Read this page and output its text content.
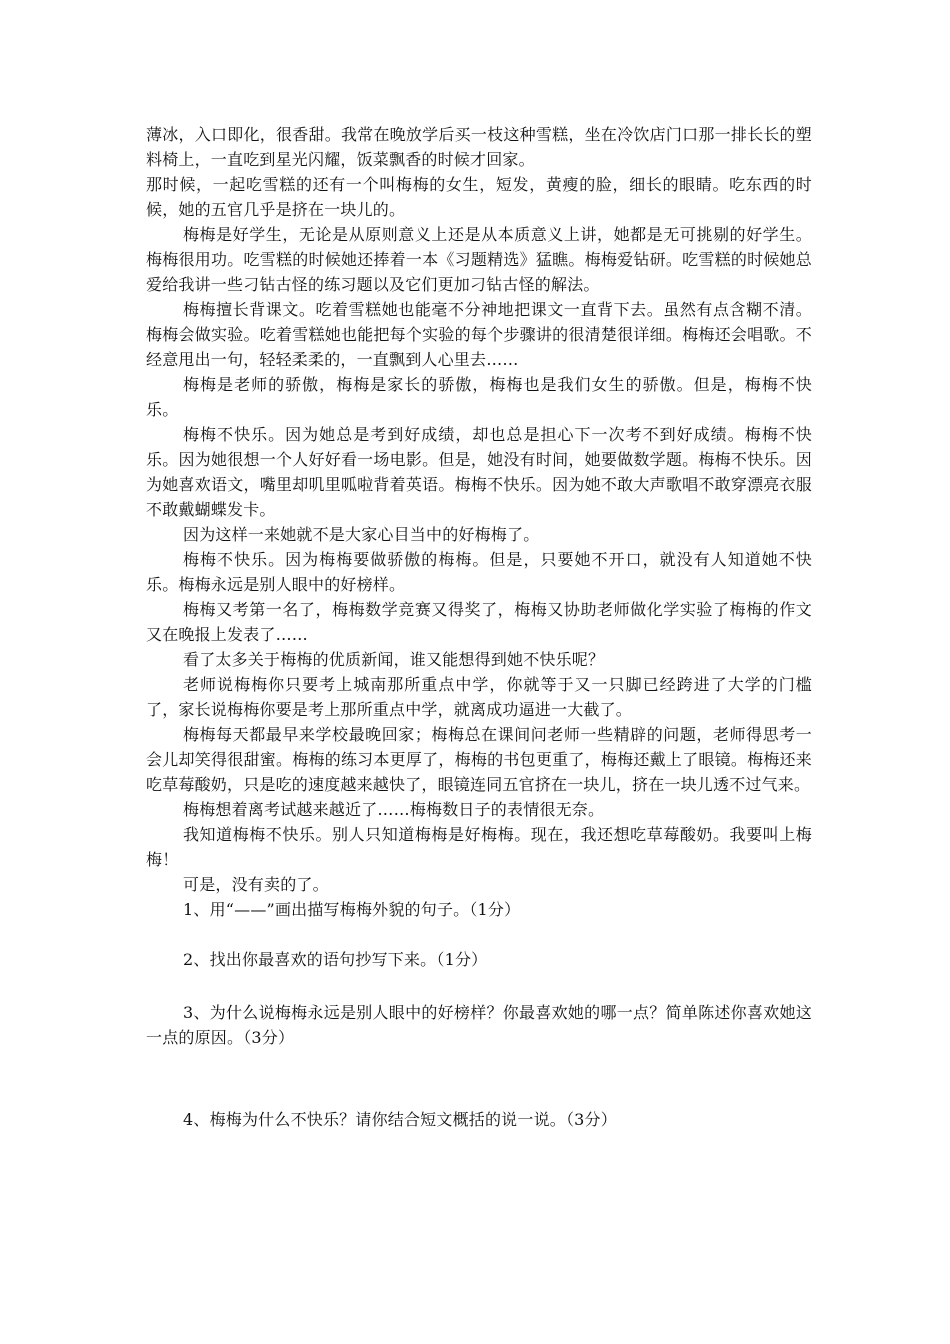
薄冰，入口即化，很香甜。我常在晚放学后买一枝这种雪糕，坐在冷饮店门口那一排长长的塑料椅上，一直吃到星光闪耀，饭菜飘香的时候才回家。

那时候，一起吃雪糕的还有一个叫梅梅的女生，短发，黄瘦的脸，细长的眼睛。吃东西的时候，她的五官几乎是挤在一块儿的。

梅梅是好学生，无论是从原则意义上还是从本质意义上讲，她都是无可挑剔的好学生。梅梅很用功。吃雪糕的时候她还捧着一本《习题精选》猛瞧。梅梅爱钻研。吃雪糕的时候她总爱给我讲一些刁钻古怪的练习题以及它们更加刁钻古怪的解法。

梅梅擅长背课文。吃着雪糕她也能毫不分神地把课文一直背下去。虽然有点含糊不清。梅梅会做实验。吃着雪糕她也能把每个实验的每个步骤讲的很清楚很详细。梅梅还会唱歌。不经意甩出一句，轻轻柔柔的，一直飘到人心里去……

梅梅是老师的骄傲，梅梅是家长的骄傲，梅梅也是我们女生的骄傲。但是，梅梅不快乐。

梅梅不快乐。因为她总是考到好成绩，却也总是担心下一次考不到好成绩。梅梅不快乐。因为她很想一个人好好看一场电影。但是，她没有时间，她要做数学题。梅梅不快乐。因为她喜欢语文，嘴里却叽里呱啦背着英语。梅梅不快乐。因为她不敢大声歌唱不敢穿漂亮衣服不敢戴蝴蝶发卡。

因为这样一来她就不是大家心目当中的好梅梅了。

梅梅不快乐。因为梅梅要做骄傲的梅梅。但是，只要她不开口，就没有人知道她不快乐。梅梅永远是别人眼中的好榜样。

梅梅又考第一名了，梅梅数学竞赛又得奖了，梅梅又协助老师做化学实验了梅梅的作文又在晚报上发表了……

看了太多关于梅梅的优质新闻，谁又能想得到她不快乐呢？

老师说梅梅你只要考上城南那所重点中学，你就等于又一只脚已经跨进了大学的门槛了，家长说梅梅你要是考上那所重点中学，就离成功逼进一大截了。

梅梅每天都最早来学校最晚回家；梅梅总在课间问老师一些精辟的问题，老师得思考一会儿却笑得很甜蜜。梅梅的练习本更厚了，梅梅的书包更重了，梅梅还戴上了眼镜。梅梅还来吃草莓酸奶，只是吃的速度越来越快了，眼镜连同五官挤在一块儿，挤在一块儿透不过气来。

梅梅想着离考试越来越近了……梅梅数日子的表情很无奈。

我知道梅梅不快乐。别人只知道梅梅是好梅梅。现在，我还想吃草莓酸奶。我要叫上梅梅！

可是，没有卖的了。

1、用“——”画出描写梅梅外貌的句子。（1分）

2、找出你最喜欢的语句抄写下来。（1分）

3、为什么说梅梅永远是别人眼中的好榜样？你最喜欢她的哪一点？简单陈述你喜欢她这一点的原因。（3分）

4、梅梅为什么不快乐？请你结合短文概括的说一说。（3分）
